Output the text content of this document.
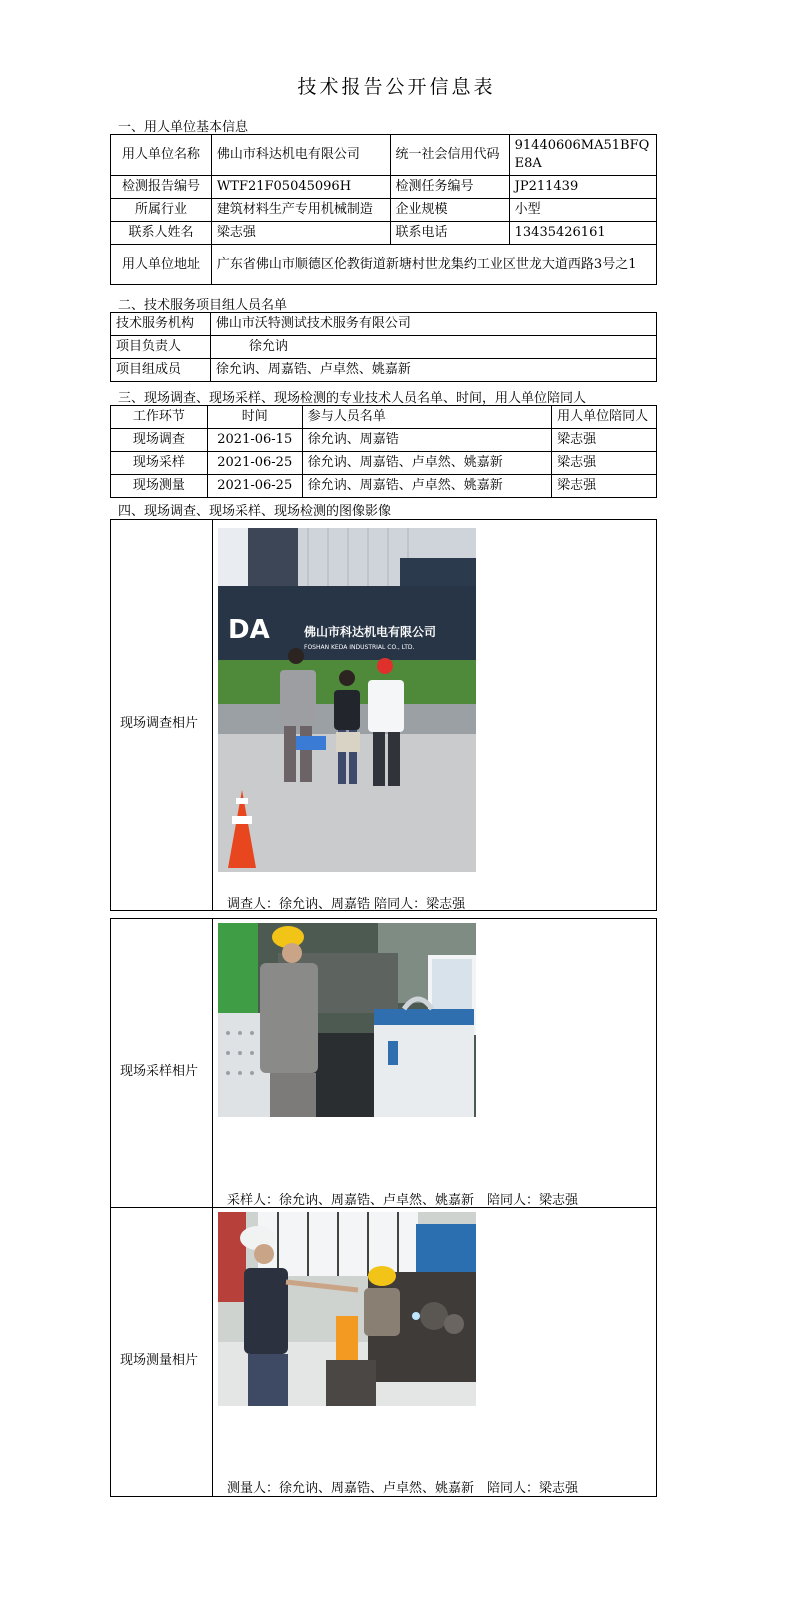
技术报告公开信息表
一、用人单位基本信息
用人单位名称	佛山市科达机电有限公司	统一社会信用代码	91440606MA51BFQE8A
检测报告编号	WTF21F05045096H	检测任务编号	JP211439
所属行业	建筑材料生产专用机械制造	企业规模	小型
联系人姓名	梁志强	联系电话	13435426161
用人单位地址	广东省佛山市顺德区伦教街道新塘村世龙集约工业区世龙大道西路3号之1		
二、技术服务项目组人员名单
技术服务机构	佛山市沃特测试技术服务有限公司
项目负责人	徐允讷
项目组成员	徐允讷、周嘉锆、卢卓然、姚嘉新
三、现场调查、现场采样、现场检测的专业技术人员名单、时间，用人单位陪同人
工作环节	时间	参与人员名单	用人单位陪同人
现场调查	2021-06-15	徐允讷、周嘉锆	梁志强
现场采样	2021-06-25	徐允讷、周嘉锆、卢卓然、姚嘉新	梁志强
现场测量	2021-06-25	徐允讷、周嘉锆、卢卓然、姚嘉新	梁志强
四、现场调查、现场采样、现场检测的图像影像
现场调查相片
DA	佛山市科达机电有限公司
FOSHAN KEDA INDUSTRIAL CO., LTD.
调查人：徐允讷、周嘉锆 陪同人：梁志强
现场采样相片
采样人：徐允讷、周嘉锆、卢卓然、姚嘉新　陪同人：梁志强
现场测量相片
测量人：徐允讷、周嘉锆、卢卓然、姚嘉新　陪同人：梁志强
